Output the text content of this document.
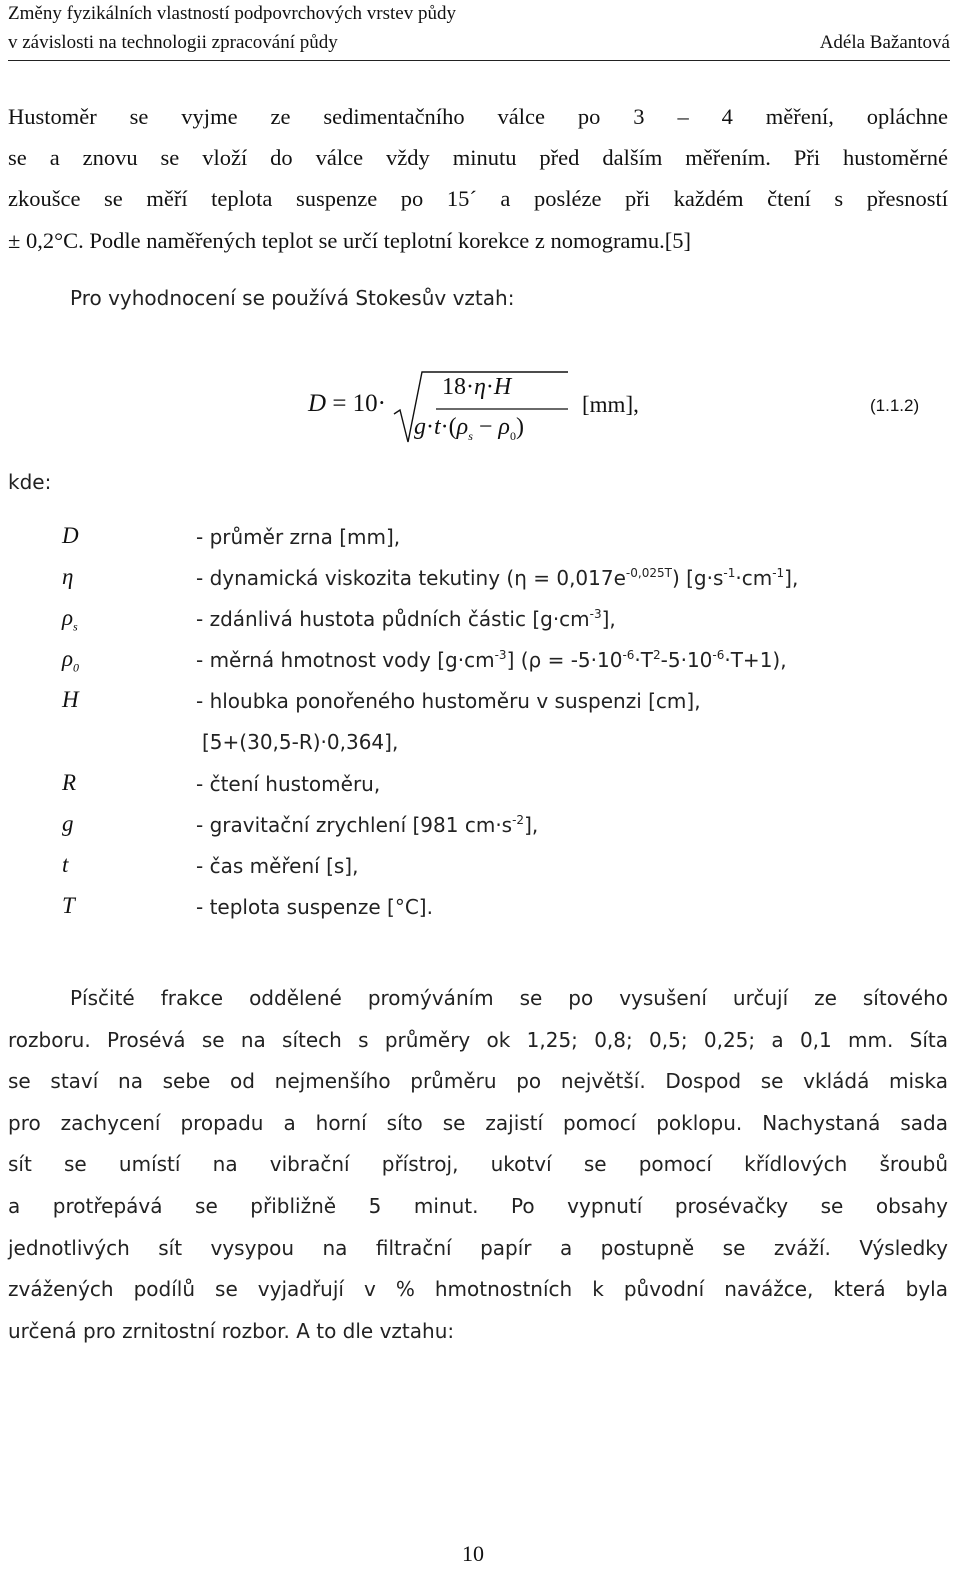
Změny fyzikálních vlastností podpovrchových vrstev půdy
v závislosti na technologii zpracování půdy	Adéla Bažantová
Hustoměr se vyjme ze sedimentačního válce po 3 – 4 měření, opláchne
se a znovu se vloží do válce vždy minutu před dalším měřením. Při hustoměrné
zkoušce se měří teplota suspenze po 15´ a posléze při každém čtení s přesností
± 0,2°C. Podle naměřených teplot se určí teplotní korekce z nomogramu.[5]
Pro vyhodnocení se používá Stokesův vztah:
D = 10·
18·η·H
$g\cdot t\cdot(\rho_s - \rho_0)$
[mm],	(1.1.2)
kde:
D	- průměr zrna [mm],
η	- dynamická viskozita tekutiny $(\eta = 0,017e^{-0,025T})$ $[g\cdot s^{-1}\cdot cm^{-1}]$,
$\rho_s$	- zdánlivá hustota půdních částic $[g\cdot cm^{-3}]$,
$\rho_0$	- měrná hmotnost vody $[g\cdot cm^{-3}] (\rho = -5\cdot 10^{-6}\cdot T^2-5\cdot 10^{-6}\cdot T+1)$,
H	- hloubka ponořeného hustoměru v suspenzi [cm],
[5+(30,5-R)·0,364],
R	- čtení hustoměru,
g	- gravitační zrychlení [981 $cm\cdot s^{-2}$],
t	- čas měření [s],
T	- teplota suspenze [°C].
Písčité frakce oddělené promýváním se po vysušení určují ze sítového
rozboru. Prosévá se na sítech s průměry ok 1,25; 0,8; 0,5; 0,25; a 0,1 mm. Síta
se staví na sebe od nejmenšího průměru po největší. Dospod se vkládá miska
pro zachycení propadu a horní síto se zajistí pomocí poklopu. Nachystaná sada
sít se umístí na vibrační přístroj, ukotví se pomocí křídlových šroubů
a protřepává se přibližně 5 minut. Po vypnutí prosévačky se obsahy
jednotlivých sít vysypou na filtrační papír a postupně se zváží. Výsledky
zvážených podílů se vyjadřují v % hmotnostních k původní navážce, která byla
určená pro zrnitostní rozbor. A to dle vztahu:
10
